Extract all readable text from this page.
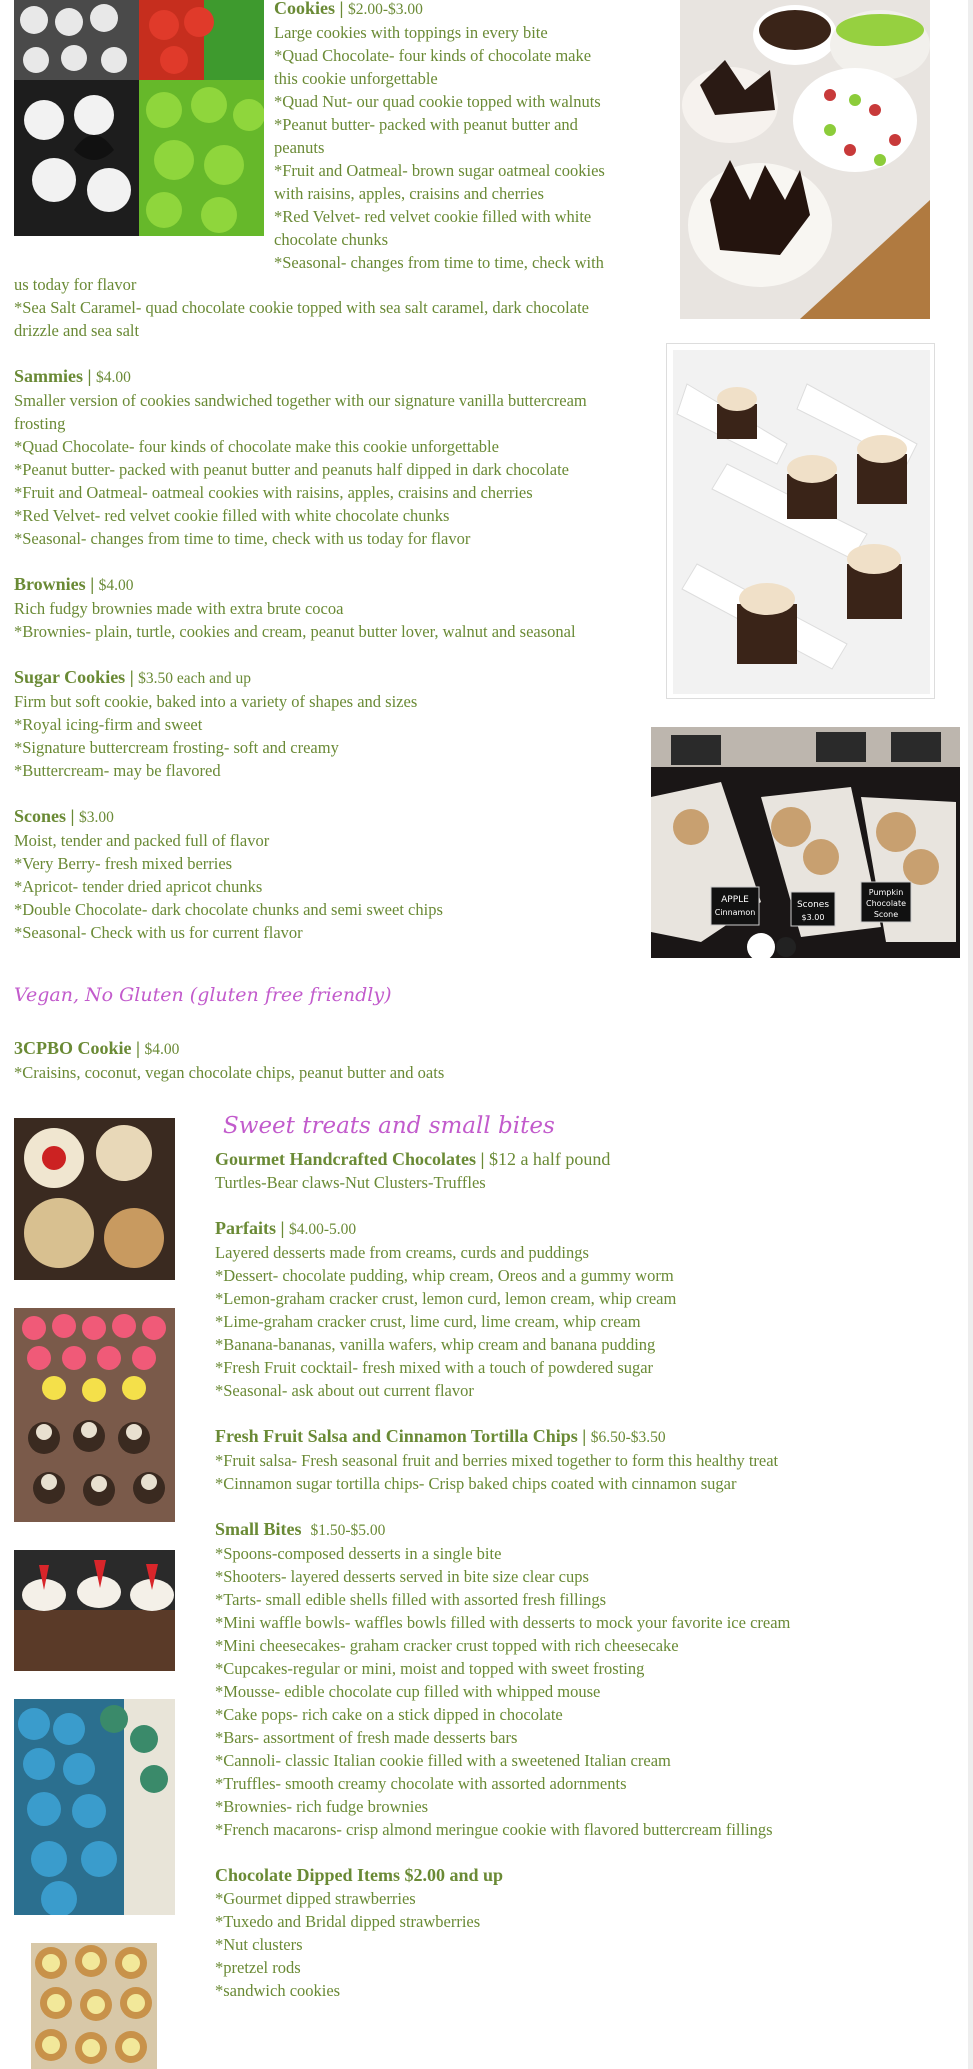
APPLE
Cinnamon
Scones
$3.00
Pumpkin
Chocolate
Scone

Cookies | $2.00-$3.00

Large cookies with toppings in every bite

*Quad Chocolate- four kinds of chocolate make

this cookie unforgettable

*Quad Nut- our quad cookie topped with walnuts

*Peanut butter- packed with peanut butter and

peanuts

*Fruit and Oatmeal- brown sugar oatmeal cookies

with raisins, apples, craisins and cherries

*Red Velvet- red velvet cookie filled with white

chocolate chunks

*Seasonal- changes from time to time, check with

us today for flavor

*Sea Salt Caramel- quad chocolate cookie topped with sea salt caramel, dark chocolate

drizzle and sea salt

Sammies | $4.00

Smaller version of cookies sandwiched together with our signature vanilla buttercream

frosting

*Quad Chocolate- four kinds of chocolate make this cookie unforgettable

*Peanut butter- packed with peanut butter and peanuts half dipped in dark chocolate

*Fruit and Oatmeal- oatmeal cookies with raisins, apples, craisins and cherries

*Red Velvet- red velvet cookie filled with white chocolate chunks

*Seasonal- changes from time to time, check with us today for flavor

Brownies | $4.00

Rich fudgy brownies made with extra brute cocoa

*Brownies- plain, turtle, cookies and cream, peanut butter lover, walnut and seasonal

Sugar Cookies | $3.50 each and up

Firm but soft cookie, baked into a variety of shapes and sizes

*Royal icing-firm and sweet

*Signature buttercream frosting- soft and creamy

*Buttercream- may be flavored

Scones | $3.00

Moist, tender and packed full of flavor

*Very Berry- fresh mixed berries

*Apricot- tender dried apricot chunks

*Double Chocolate- dark chocolate chunks and semi sweet chips

*Seasonal- Check with us for current flavor

Vegan, No Gluten (gluten free friendly)

3CPBO Cookie | $4.00

*Craisins, coconut, vegan chocolate chips, peanut butter and oats

Sweet treats and small bites

Gourmet Handcrafted Chocolates | $12 a half pound

Turtles-Bear claws-Nut Clusters-Truffles

Parfaits | $4.00-5.00

Layered desserts made from creams, curds and puddings

*Dessert- chocolate pudding, whip cream, Oreos and a gummy worm

*Lemon-graham cracker crust, lemon curd, lemon cream, whip cream

*Lime-graham cracker crust, lime curd, lime cream, whip cream

*Banana-bananas, vanilla wafers, whip cream and banana pudding

*Fresh Fruit cocktail- fresh mixed with a touch of powdered sugar

*Seasonal- ask about out current flavor

Fresh Fruit Salsa and Cinnamon Tortilla Chips | $6.50-$3.50

*Fruit salsa- Fresh seasonal fruit and berries mixed together to form this healthy treat

*Cinnamon sugar tortilla chips- Crisp baked chips coated with cinnamon sugar

Small Bites $1.50-$5.00

*Spoons-composed desserts in a single bite

*Shooters- layered desserts served in bite size clear cups

*Tarts- small edible shells filled with assorted fresh fillings

*Mini waffle bowls- waffles bowls filled with desserts to mock your favorite ice cream

*Mini cheesecakes- graham cracker crust topped with rich cheesecake

*Cupcakes-regular or mini, moist and topped with sweet frosting

*Mousse- edible chocolate cup filled with whipped mouse

*Cake pops- rich cake on a stick dipped in chocolate

*Bars- assortment of fresh made desserts bars

*Cannoli- classic Italian cookie filled with a sweetened Italian cream

*Truffles- smooth creamy chocolate with assorted adornments

*Brownies- rich fudge brownies

*French macarons- crisp almond meringue cookie with flavored buttercream fillings

Chocolate Dipped Items $2.00 and up

*Gourmet dipped strawberries

*Tuxedo and Bridal dipped strawberries

*Nut clusters

*pretzel rods

*sandwich cookies
